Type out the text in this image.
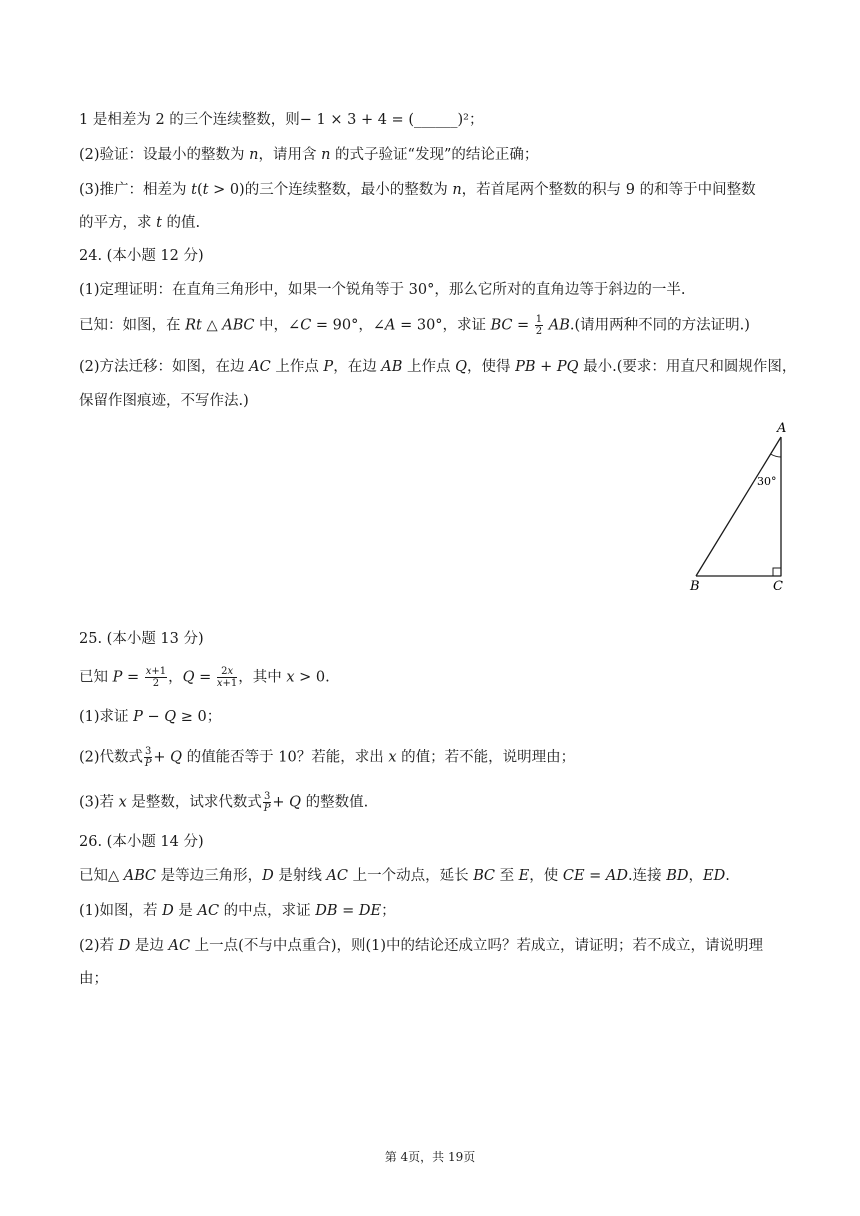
1 是相差为 2 的三个连续整数，则− 1 × 3 + 4 = (______)²；
(2)验证：设最小的整数为 𝑛，请用含 𝑛 的式子验证“发现”的结论正确；
(3)推广：相差为 𝑡(𝑡 > 0)的三个连续整数，最小的整数为 𝑛，若首尾两个整数的积与 9 的和等于中间整数
的平方，求 𝑡 的值.
24. (本小题 12 分)
(1)定理证明：在直角三角形中，如果一个锐角等于 30°，那么它所对的直角边等于斜边的一半.
已知：如图，在 𝑅𝑡 △ 𝐴𝐵𝐶 中，∠𝐶 = 90°，∠𝐴 = 30°，求证 𝐵𝐶 = $\frac{1}{2}$ 𝐴𝐵.(请用两种不同的方法证明.)
(2)方法迁移：如图，在边 𝐴𝐶 上作点 𝑃，在边 𝐴𝐵 上作点 𝑄，使得 𝑃𝐵 + 𝑃𝑄 最小.(要求：用直尺和圆规作图，
保留作图痕迹，不写作法.)
A
B	C
30°
25. (本小题 13 分)
已知 𝑃 = $\frac{\text{𝑥+1}}{2}$ ，𝑄 = $\frac{\text{2𝑥}}{\text{𝑥+1}}$ ，其中 𝑥 > 0.
(1)求证 𝑃 − 𝑄 ≥ 0；
(2)代数式 $\frac{3}{\text{𝑃}}$ + 𝑄 的值能否等于 10？若能，求出 𝑥 的值；若不能，说明理由；
(3)若 𝑥 是整数，试求代数式 $\frac{3}{\text{𝑃}}$ + 𝑄 的整数值.
26. (本小题 14 分)
已知△ 𝐴𝐵𝐶 是等边三角形，𝐷 是射线 𝐴𝐶 上一个动点，延长 𝐵𝐶 至 𝐸，使 𝐶𝐸 = 𝐴𝐷.连接 𝐵𝐷，𝐸𝐷.
(1)如图，若 𝐷 是 𝐴𝐶 的中点，求证 𝐷𝐵 = 𝐷𝐸；
(2)若 𝐷 是边 𝐴𝐶 上一点(不与中点重合)，则(1)中的结论还成立吗？若成立，请证明；若不成立，请说明理
由；
第 4页，共 19页
